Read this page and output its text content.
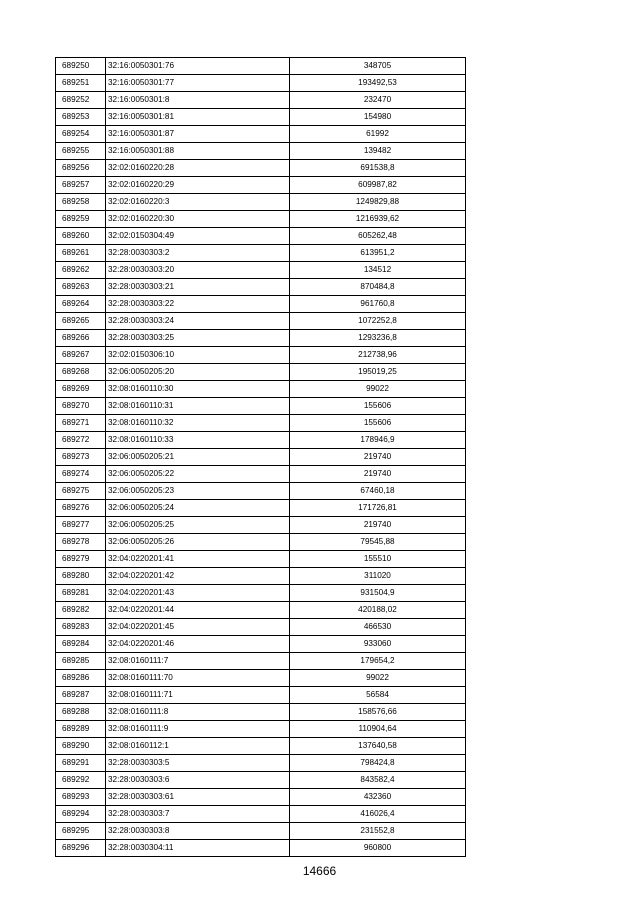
689250	32:16:0050301:76	348705
689251	32:16:0050301:77	193492,53
689252	32:16:0050301:8	232470
689253	32:16:0050301:81	154980
689254	32:16:0050301:87	61992
689255	32:16:0050301:88	139482
689256	32:02:0160220:28	691538,8
689257	32:02:0160220:29	609987,82
689258	32:02:0160220:3	1249829,88
689259	32:02:0160220:30	1216939,62
689260	32:02:0150304:49	605262,48
689261	32:28:0030303:2	613951,2
689262	32:28:0030303:20	134512
689263	32:28:0030303:21	870484,8
689264	32:28:0030303:22	961760,8
689265	32:28:0030303:24	1072252,8
689266	32:28:0030303:25	1293236,8
689267	32:02:0150306:10	212738,96
689268	32:06:0050205:20	195019,25
689269	32:08:0160110:30	99022
689270	32:08:0160110:31	155606
689271	32:08:0160110:32	155606
689272	32:08:0160110:33	178946,9
689273	32:06:0050205:21	219740
689274	32:06:0050205:22	219740
689275	32:06:0050205:23	67460,18
689276	32:06:0050205:24	171726,81
689277	32:06:0050205:25	219740
689278	32:06:0050205:26	79545,88
689279	32:04:0220201:41	155510
689280	32:04:0220201:42	311020
689281	32:04:0220201:43	931504,9
689282	32:04:0220201:44	420188,02
689283	32:04:0220201:45	466530
689284	32:04:0220201:46	933060
689285	32:08:0160111:7	179654,2
689286	32:08:0160111:70	99022
689287	32:08:0160111:71	56584
689288	32:08:0160111:8	158576,66
689289	32:08:0160111:9	110904,64
689290	32:08:0160112:1	137640,58
689291	32:28:0030303:5	798424,8
689292	32:28:0030303:6	843582,4
689293	32:28:0030303:61	432360
689294	32:28:0030303:7	416026,4
689295	32:28:0030303:8	231552,8
689296	32:28:0030304:11	960800
14666
